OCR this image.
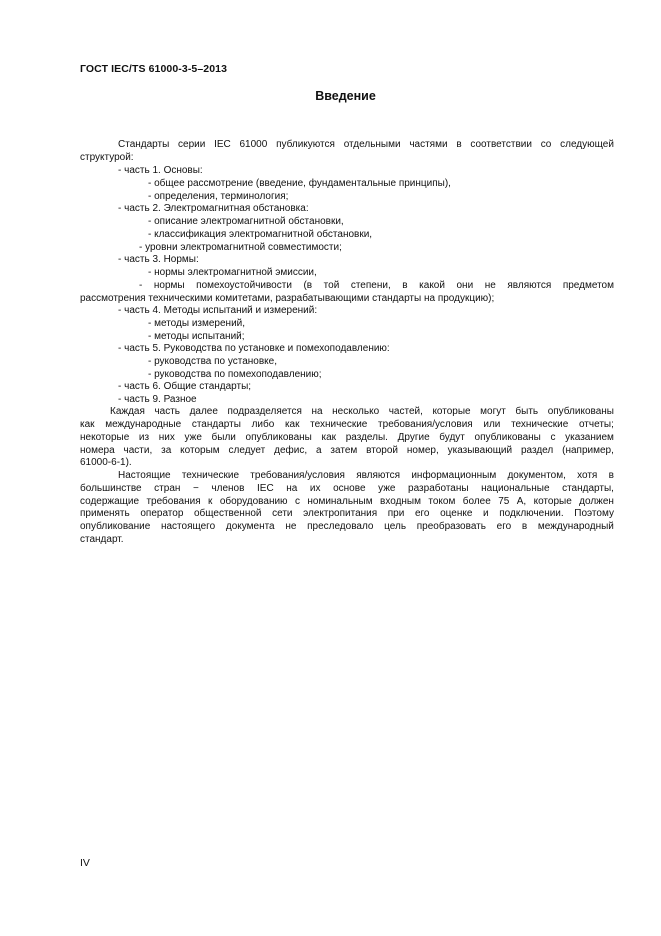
ГОСТ IEC/TS 61000-3-5–2013
Введение
Стандарты серии IEC 61000 публикуются отдельными частями в соответствии со следующей
структурой:
- часть 1. Основы:
- общее рассмотрение (введение, фундаментальные принципы),
- определения, терминология;
- часть 2. Электромагнитная обстановка:
- описание электромагнитной обстановки,
- классификация электромагнитной обстановки,
- уровни электромагнитной совместимости;
- часть 3. Нормы:
- нормы электромагнитной эмиссии,
- нормы помехоустойчивости (в той степени, в какой они не являются предметом
рассмотрения техническими комитетами, разрабатывающими стандарты на продукцию);
- часть 4. Методы испытаний и измерений:
- методы измерений,
- методы испытаний;
- часть 5. Руководства по установке и помехоподавлению:
- руководства по установке,
- руководства по помехоподавлению;
- часть 6. Общие стандарты;
- часть 9. Разное
Каждая часть далее подразделяется на несколько частей, которые могут быть опубликованы
как международные стандарты либо как технические требования/условия или технические отчеты;
некоторые из них уже были опубликованы как разделы. Другие будут опубликованы с указанием
номера части, за которым следует дефис, а затем второй номер, указывающий раздел (например,
61000-6-1).
Настоящие технические требования/условия являются информационным документом, хотя в
большинстве стран − членов IEC на их основе уже разработаны национальные стандарты,
содержащие требования к оборудованию с номинальным входным током более 75 А, которые должен
применять оператор общественной сети электропитания при его оценке и подключении. Поэтому
опубликование настоящего документа не преследовало цель преобразовать его в международный
стандарт.
IV
